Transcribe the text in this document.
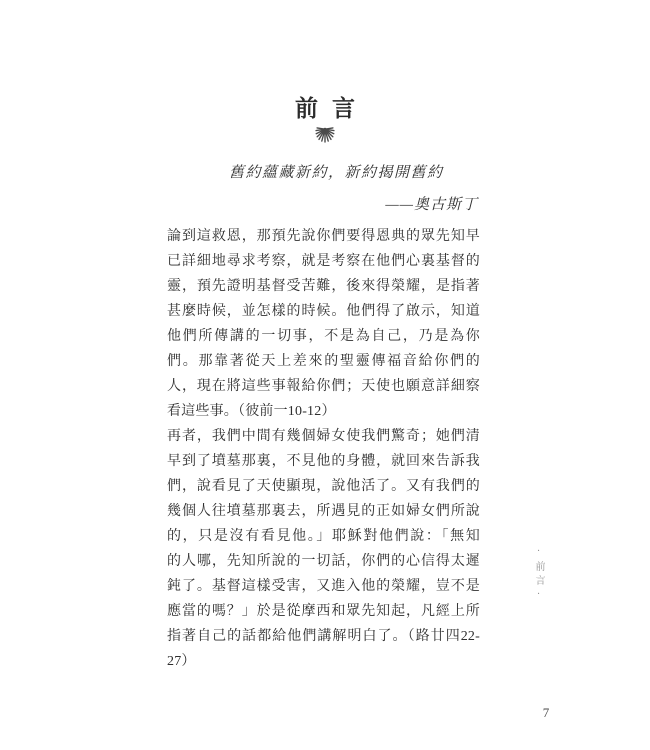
前言
舊約蘊藏新約，新約揭開舊約
——奧古斯丁
論到這救恩，那預先說你們要得恩典的眾先知早
已詳細地尋求考察，就是考察在他們心裏基督的
靈，預先證明基督受苦難，後來得榮耀，是指著
甚麼時候，並怎樣的時候。他們得了啟示，知道
他們所傳講的一切事，不是為自己，乃是為你
們。那靠著從天上差來的聖靈傳福音給你們的
人，現在將這些事報給你們；天使也願意詳細察
看這些事。（彼前一10-12）
再者，我們中間有幾個婦女使我們驚奇；她們清
早到了墳墓那裏，不見他的身體，就回來告訴我
們，說看見了天使顯現，說他活了。又有我們的
幾個人往墳墓那裏去，所遇見的正如婦女們所說
的，只是沒有看見他。」耶穌對他們說：「無知
的人哪，先知所說的一切話，你們的心信得太遲
鈍了。基督這樣受害，又進入他的榮耀，豈不是
應當的嗎？」於是從摩西和眾先知起，凡經上所
指著自己的話都給他們講解明白了。（路廿四22-
27）
·前言·
7
